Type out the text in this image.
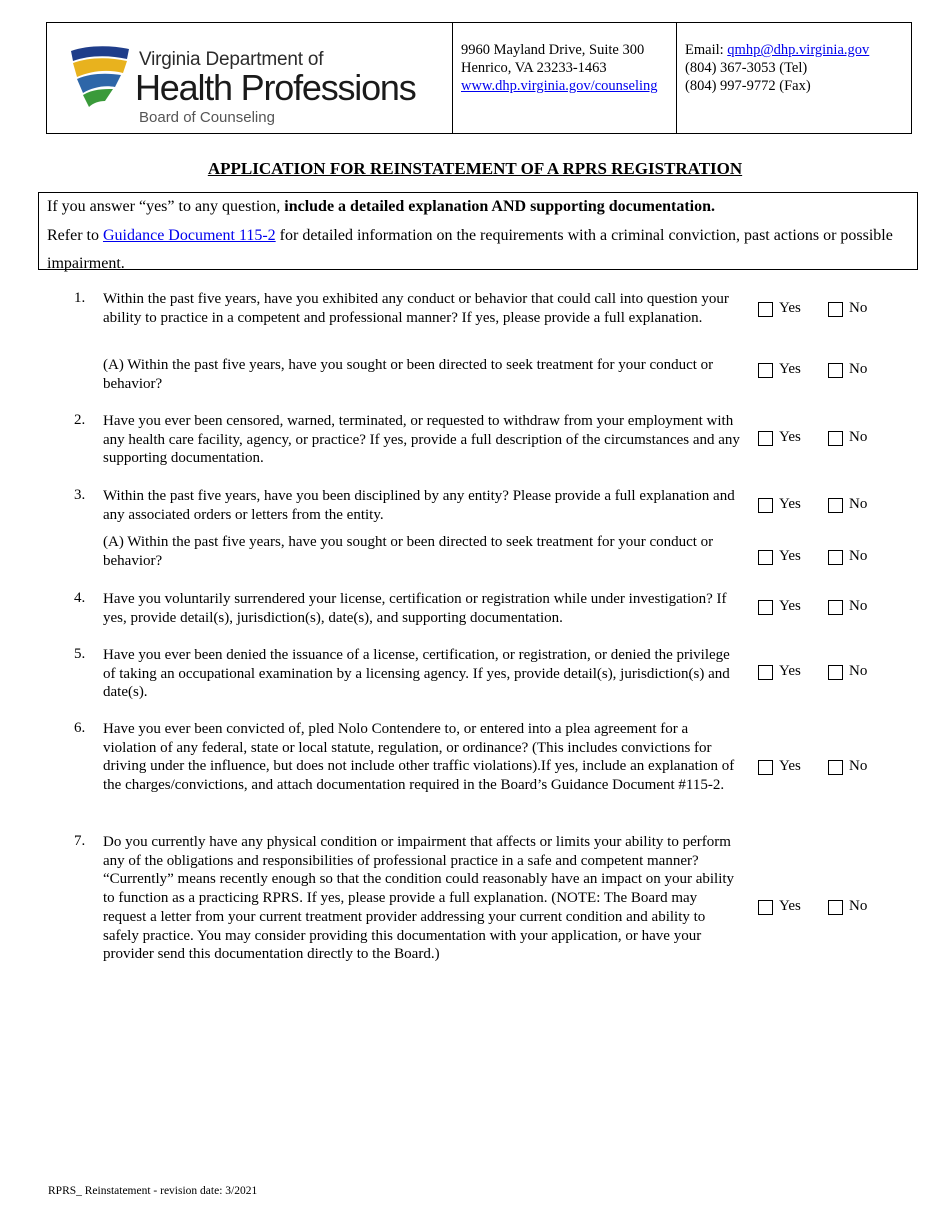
Virginia Department of
Health Professions
Board of Counseling
9960 Mayland Drive, Suite 300
Henrico, VA 23233-1463
www.dhp.virginia.gov/counseling
Email: qmhp@dhp.virginia.gov
(804) 367-3053 (Tel)
(804) 997-9772 (Fax)
APPLICATION FOR REINSTATEMENT OF A RPRS REGISTRATION
If you answer “yes” to any question, include a detailed explanation AND supporting documentation.
Refer to Guidance Document 115-2 for detailed information on the requirements with a criminal conviction, past actions or possible impairment.
1.	Within the past five years, have you exhibited any conduct or behavior that could call into question your ability to practice in a competent and professional manner? If yes, please provide a full explanation.
Yes	No
(A) Within the past five years, have you sought or been directed to seek treatment for your conduct or behavior?
Yes	No
2.	Have you ever been censored, warned, terminated, or requested to withdraw from your employment with any health care facility, agency, or practice? If yes, provide a full description of the circumstances and any supporting documentation.
Yes	No
3.	Within the past five years, have you been disciplined by any entity? Please provide a full explanation and any associated orders or letters from the entity.
Yes	No
(A) Within the past five years, have you sought or been directed to seek treatment for your conduct or behavior?	Yes	No
4.	Have you voluntarily surrendered your license, certification or registration while under investigation? If yes, provide detail(s), jurisdiction(s), date(s), and supporting documentation.
Yes	No
5.	Have you ever been denied the issuance of a license, certification, or registration, or denied the privilege of taking an occupational examination by a licensing agency. If yes, provide detail(s), jurisdiction(s) and date(s).
Yes	No
6.	Have you ever been convicted of, pled Nolo Contendere to, or entered into a plea agreement for a violation of any federal, state or local statute, regulation, or ordinance? (This includes convictions for driving under the influence, but does not include other traffic violations).If yes, include an explanation of the charges/convictions, and attach documentation required in the Board’s Guidance Document #115-2.
Yes	No
7.	Do you currently have any physical condition or impairment that affects or limits your ability to perform any of the obligations and responsibilities of professional practice in a safe and competent manner? “Currently” means recently enough so that the condition could reasonably have an impact on your ability to function as a practicing RPRS. If yes, please provide a full explanation. (NOTE: The Board may request a letter from your current treatment provider addressing your current condition and ability to safely practice. You may consider providing this documentation with your application, or have your provider send this documentation directly to the Board.)
Yes	No
RPRS_ Reinstatement - revision date: 3/2021
